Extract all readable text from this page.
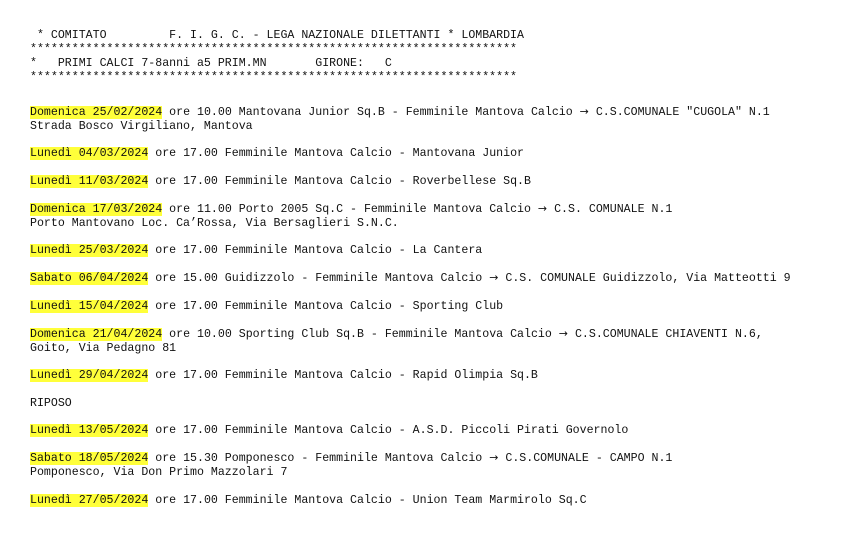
* COMITATO         F. I. G. C. - LEGA NAZIONALE DILETTANTI * LOMBARDIA
**********************************************************************
*   PRIMI CALCI 7-8anni a5 PRIM.MN       GIRONE:   C
**********************************************************************
Domenica 25/02/2024 ore 10.00 Mantovana Junior Sq.B - Femminile Mantova Calcio → C.S.COMUNALE "CUGOLA" N.1
Strada Bosco Virgiliano, Mantova
Lunedì 04/03/2024 ore 17.00 Femminile Mantova Calcio - Mantovana Junior
Lunedì 11/03/2024 ore 17.00 Femminile Mantova Calcio - Roverbellese Sq.B
Domenica 17/03/2024 ore 11.00 Porto 2005 Sq.C - Femminile Mantova Calcio → C.S. COMUNALE N.1
Porto Mantovano Loc. Ca’Rossa, Via Bersaglieri S.N.C.
Lunedì 25/03/2024 ore 17.00 Femminile Mantova Calcio - La Cantera
Sabato 06/04/2024 ore 15.00 Guidizzolo - Femminile Mantova Calcio → C.S. COMUNALE Guidizzolo, Via Matteotti 9
Lunedì 15/04/2024 ore 17.00 Femminile Mantova Calcio - Sporting Club
Domenica 21/04/2024 ore 10.00 Sporting Club Sq.B - Femminile Mantova Calcio → C.S.COMUNALE CHIAVENTI N.6,
Goito, Via Pedagno 81
Lunedì 29/04/2024 ore 17.00 Femminile Mantova Calcio - Rapid Olimpia Sq.B
RIPOSO
Lunedì 13/05/2024 ore 17.00 Femminile Mantova Calcio - A.S.D. Piccoli Pirati Governolo
Sabato 18/05/2024 ore 15.30 Pomponesco - Femminile Mantova Calcio → C.S.COMUNALE - CAMPO N.1
Pomponesco, Via Don Primo Mazzolari 7
Lunedì 27/05/2024 ore 17.00 Femminile Mantova Calcio - Union Team Marmirolo Sq.C
